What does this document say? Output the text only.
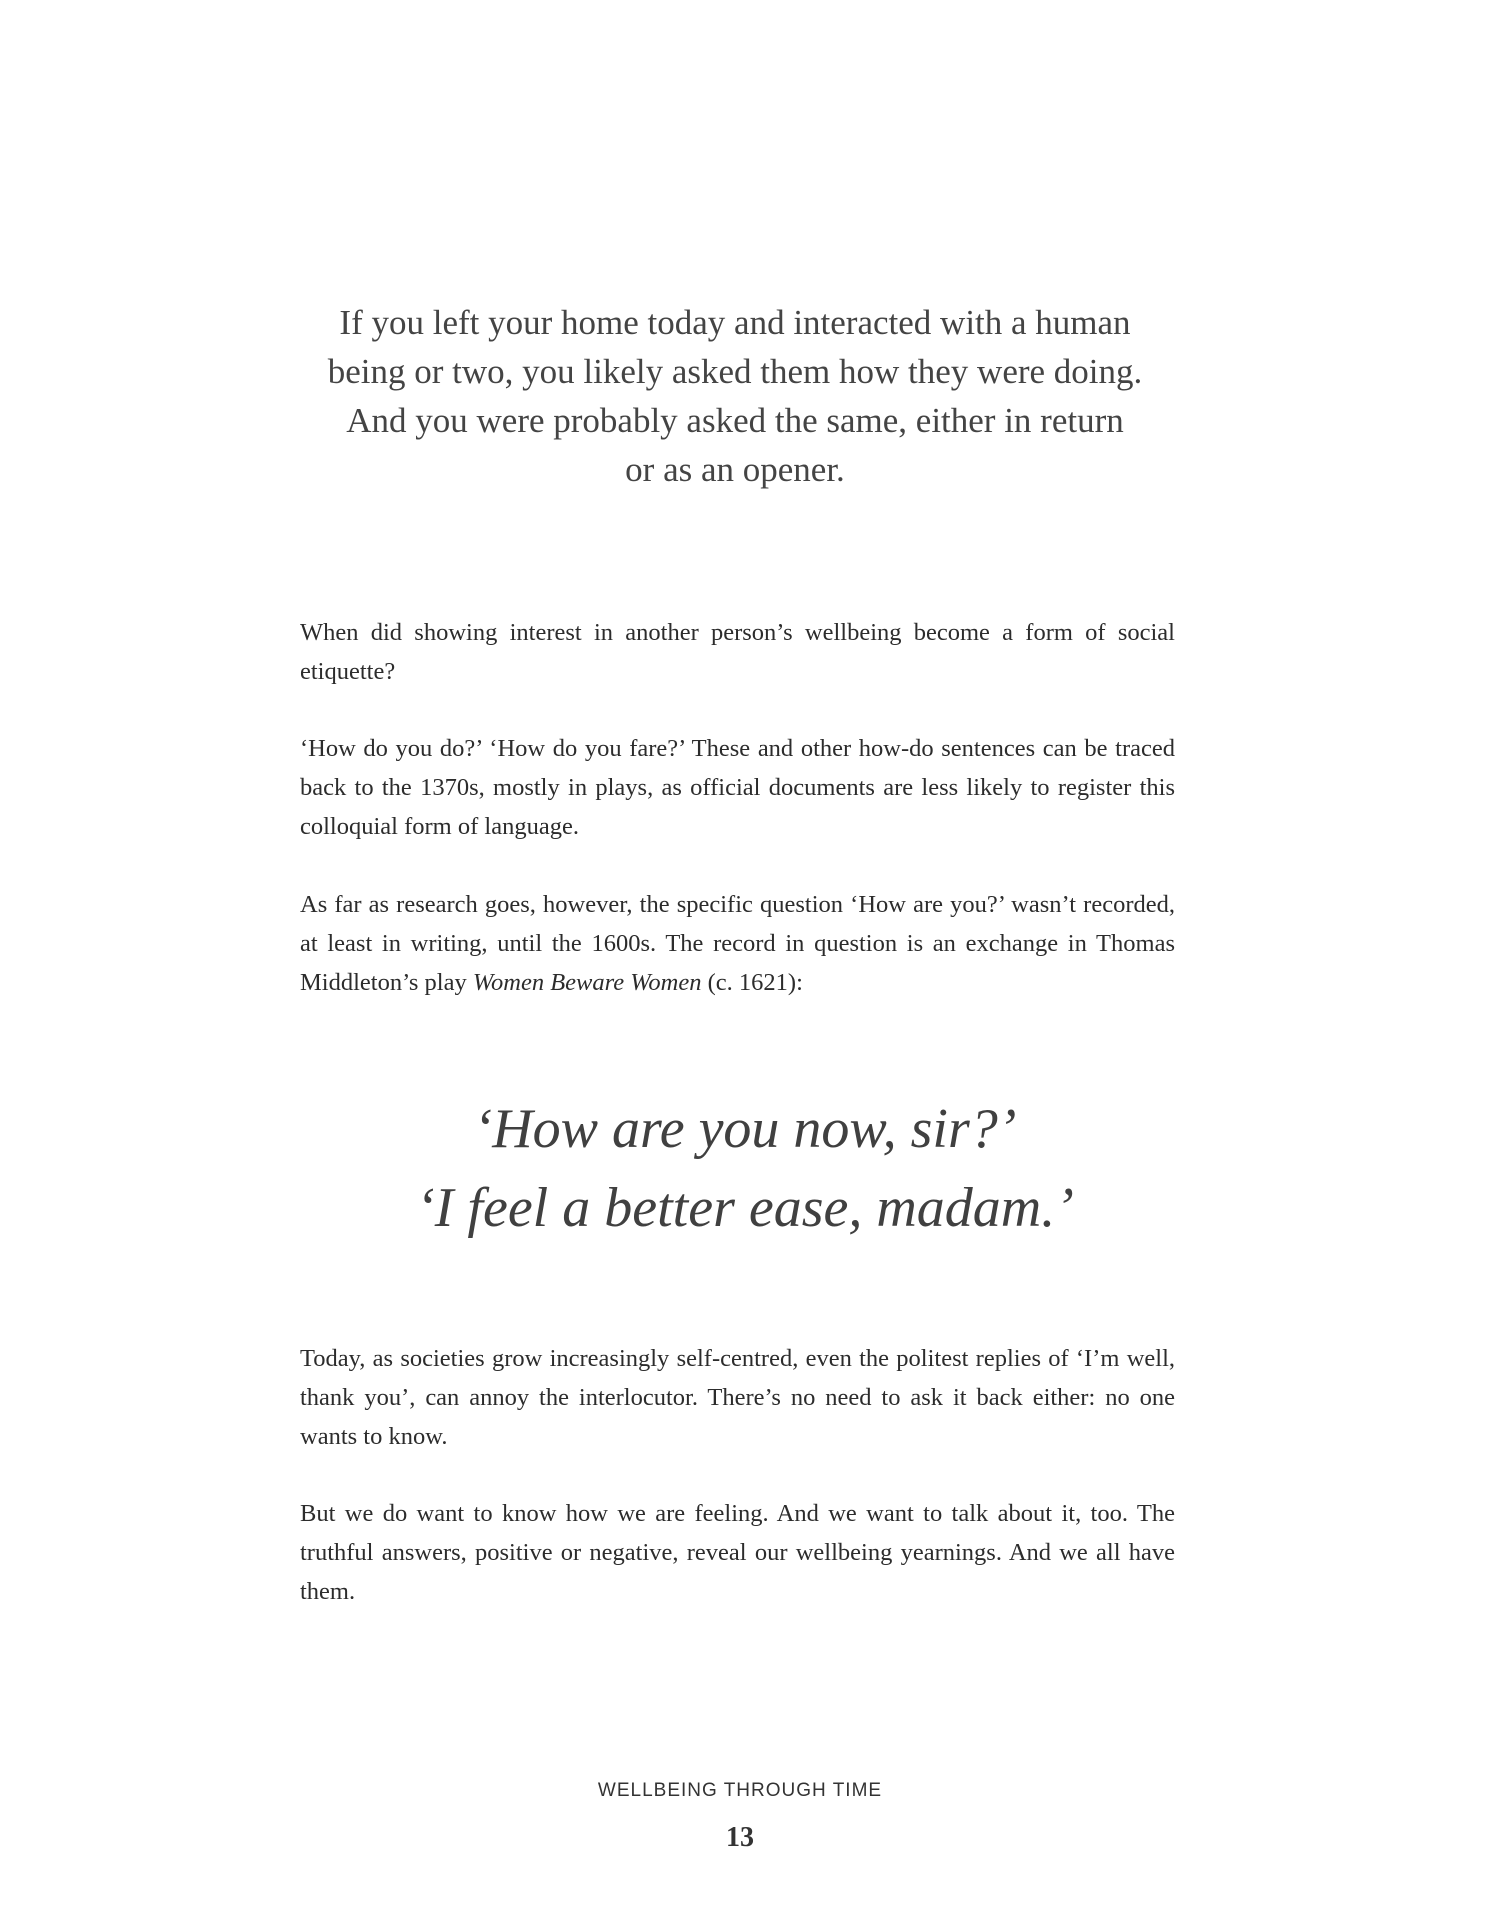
If you left your home today and interacted with a human
being or two, you likely asked them how they were doing.
And you were probably asked the same, either in return
or as an opener.

When did showing interest in another person’s wellbeing become a form of social etiquette?

‘How do you do?’ ‘How do you fare?’ These and other how-do sentences can be traced back to the 1370s, mostly in plays, as official documents are less likely to register this colloquial form of language.

As far as research goes, however, the specific question ‘How are you?’ wasn’t recorded, at least in writing, until the 1600s. The record in question is an exchange in Thomas Middleton’s play Women Beware Women (c. 1621):

‘How are you now, sir?’
‘I feel a better ease, madam.’

Today, as societies grow increasingly self-centred, even the politest replies of ‘I’m well, thank you’, can annoy the interlocutor. There’s no need to ask it back either: no one wants to know.

But we do want to know how we are feeling. And we want to talk about it, too. The truthful answers, positive or negative, reveal our wellbeing yearnings. And we all have them.

WELLBEING THROUGH TIME
13
